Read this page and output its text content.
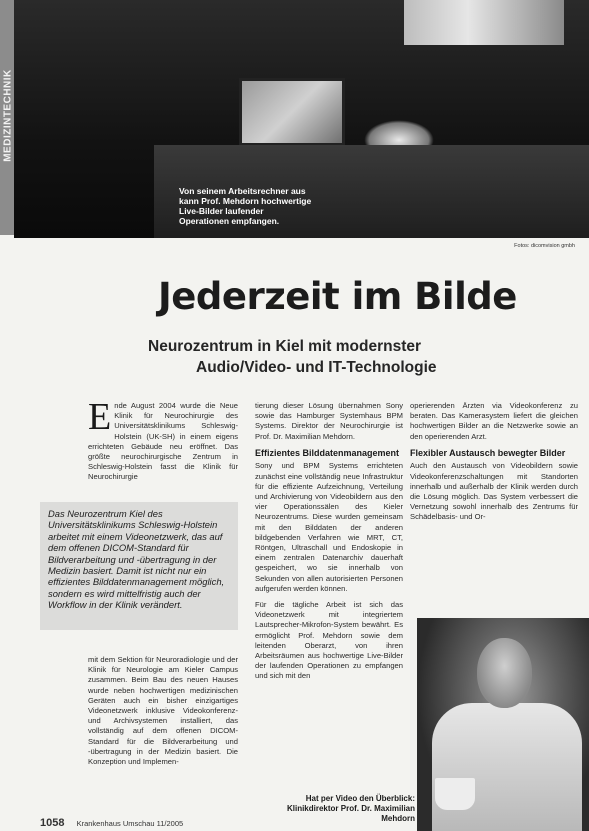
Von seinem Arbeitsrechner aus kann Prof. Mehdorn hochwertige Live-Bilder laufender Operationen empfangen.
MEDIZINTECHNIK
Fotos: dicomvision gmbh
Jederzeit im Bilde
Neurozentrum in Kiel mit modernster
Audio/Video- und IT-Technologie
E nde August 2004 wurde die Neue Klinik für Neurochirurgie des Universitätsklinikums Schleswig-Holstein (UK-SH) in einem eigens errichteten Gebäude neu eröffnet. Das größte neurochirurgische Zentrum in Schleswig-Holstein fasst die Klinik für Neurochirurgie
Das Neurozentrum Kiel des Universitätsklinikums Schleswig-Holstein arbeitet mit einem Videonetzwerk, das auf dem offenen DICOM-Standard für Bildverarbeitung und -übertragung in der Medizin basiert. Damit ist nicht nur ein effizientes Bilddatenmanagement möglich, sondern es wird mittelfristig auch der Workflow in der Klinik verändert.
mit dem Sektion für Neuroradiologie und der Klinik für Neurologie am Kieler Campus zusammen. Beim Bau des neuen Hauses wurde neben hochwertigen medizinischen Geräten auch ein bisher einzigartiges Videonetzwerk inklusive Videokonferenz- und Archivsystemen installiert, das vollständig auf dem offenen DICOM-Standard für die Bildverarbeitung und -übertragung in der Medizin basiert. Die Konzeption und Implemen-

tierung dieser Lösung übernahmen Sony sowie das Hamburger Systemhaus BPM Systems. Direktor der Neurochirurgie ist Prof. Dr. Maximilian Mehdorn.

Effizientes Bilddatenmanagement

Sony und BPM Systems errichteten zunächst eine vollständig neue Infrastruktur für die effiziente Aufzeichnung, Verteilung und Archivierung von Videobildern aus den vier Operationssälen des Kieler Neurozentrums. Diese wurden gemeinsam mit den Bilddaten der anderen bildgebenden Verfahren wie MRT, CT, Röntgen, Ultraschall und Endoskopie in einem zentralen Datenarchiv dauerhaft gespeichert, wo sie innerhalb von Sekunden von allen autorisierten Personen aufgerufen werden können.

Für die tägliche Arbeit ist sich das Videonetzwerk mit integriertem Lautsprecher-Mikrofon-System bewährt. Es ermöglicht Prof. Mehdorn sowie dem leitenden Oberarzt, von ihren Arbeitsräumen aus hochwertige Live-Bilder der laufenden Operationen zu empfangen und sich mit den

operierenden Ärzten via Videokonferenz zu beraten. Das Kamerasystem liefert die gleichen hochwertigen Bilder an die Netzwerke sowie an den operierenden Arzt.

Flexibler Austausch bewegter Bilder

Auch den Austausch von Videobildern sowie Videokonferenzschaltungen mit Standorten innerhalb und außerhalb der Klinik werden durch die Lösung möglich. Das System verbessert die Vernetzung sowohl innerhalb des Zentrums für Schädelbasis- und Or-

Hat per Video den Überblick: Klinikdirektor Prof. Dr. Maximilian Mehdorn
1058 Krankenhaus Umschau 11/2005
